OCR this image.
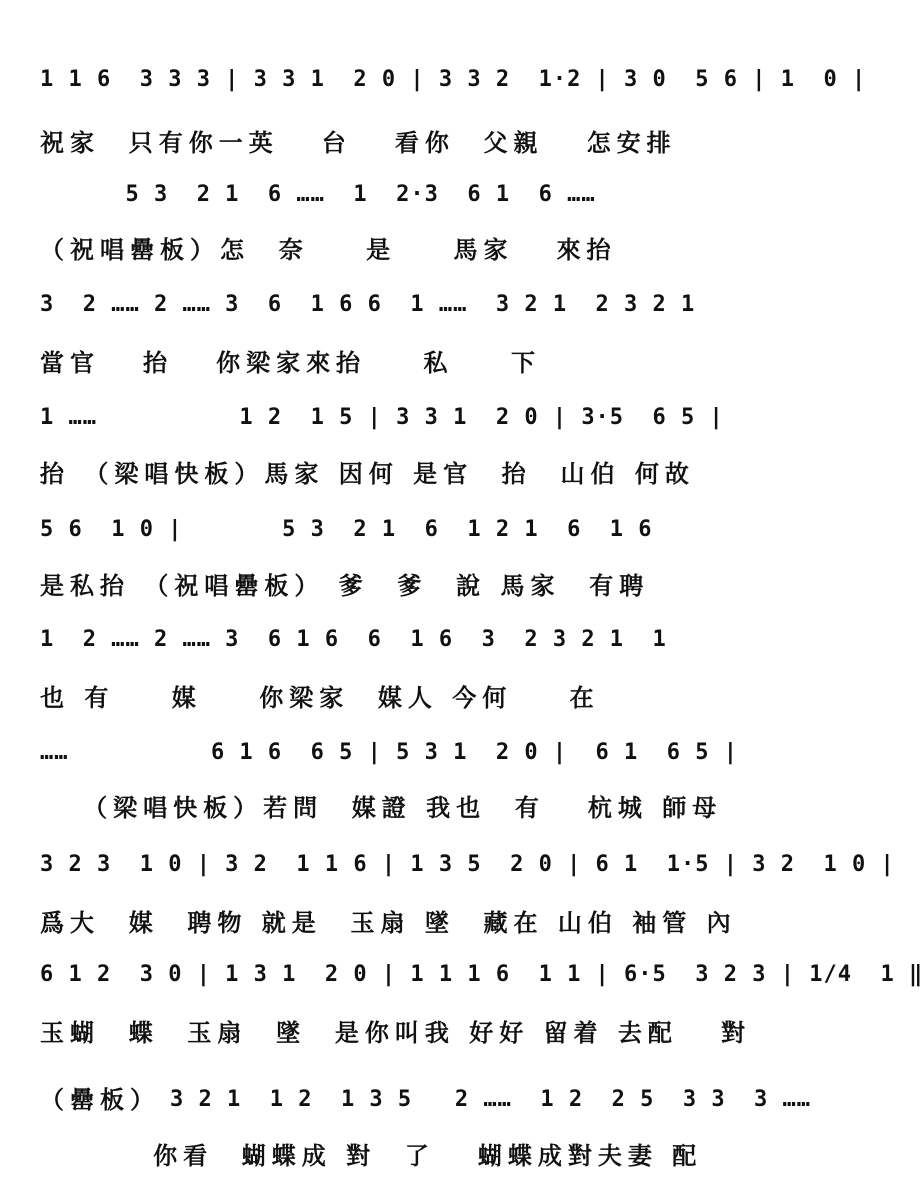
1 1 6  3 3 3 | 3 3 1  2 0 | 3 3 2  1·2 | 3 0  5 6 | 1  0 |
祝家  只有你一英   台   看你  父親   怎安排
5 3  2 1  6 ……  1  2·3  6 1  6 ……
（祝唱罍板）怎  奈    是    馬家   來抬
3  2 …… 2 …… 3  6  1 6 6  1 ……  3 2 1  2 3 2 1
當官   抬   你梁家來抬    私    下
1 ……          1 2  1 5 | 3 3 1  2 0 | 3·5  6 5 |
抬 （梁唱快板）馬家 因何 是官  抬  山伯 何故
5 6  1 0 |       5 3  2 1  6  1 2 1  6  1 6
是私抬 （祝唱罍板） 爹  爹  說 馬家  有聘
1  2 …… 2 …… 3  6 1 6  6  1 6  3  2 3 2 1  1
也 有    媒    你梁家  媒人 今何    在
……          6 1 6  6 5 | 5 3 1  2 0 |  6 1  6 5 |
（梁唱快板）若問  媒證 我也  有   杭城 師母
3 2 3  1 0 | 3 2  1 1 6 | 1 3 5  2 0 | 6 1  1·5 | 3 2  1 0 |
爲大  媒  聘物 就是  玉扇 墜  藏在 山伯 袖管 內
6 1 2  3 0 | 1 3 1  2 0 | 1 1 1 6  1 1 | 6·5  3 2 3 | 1/4  1 ‖
玉蝴  蝶  玉扇  墜  是你叫我 好好 留着 去配   對
3 2 1  1 2  1 3 5   2 ……  1 2  2 5  3 3  3 ……
（罍板）
你看  蝴蝶成 對  了   蝴蝶成對夫妻 配
